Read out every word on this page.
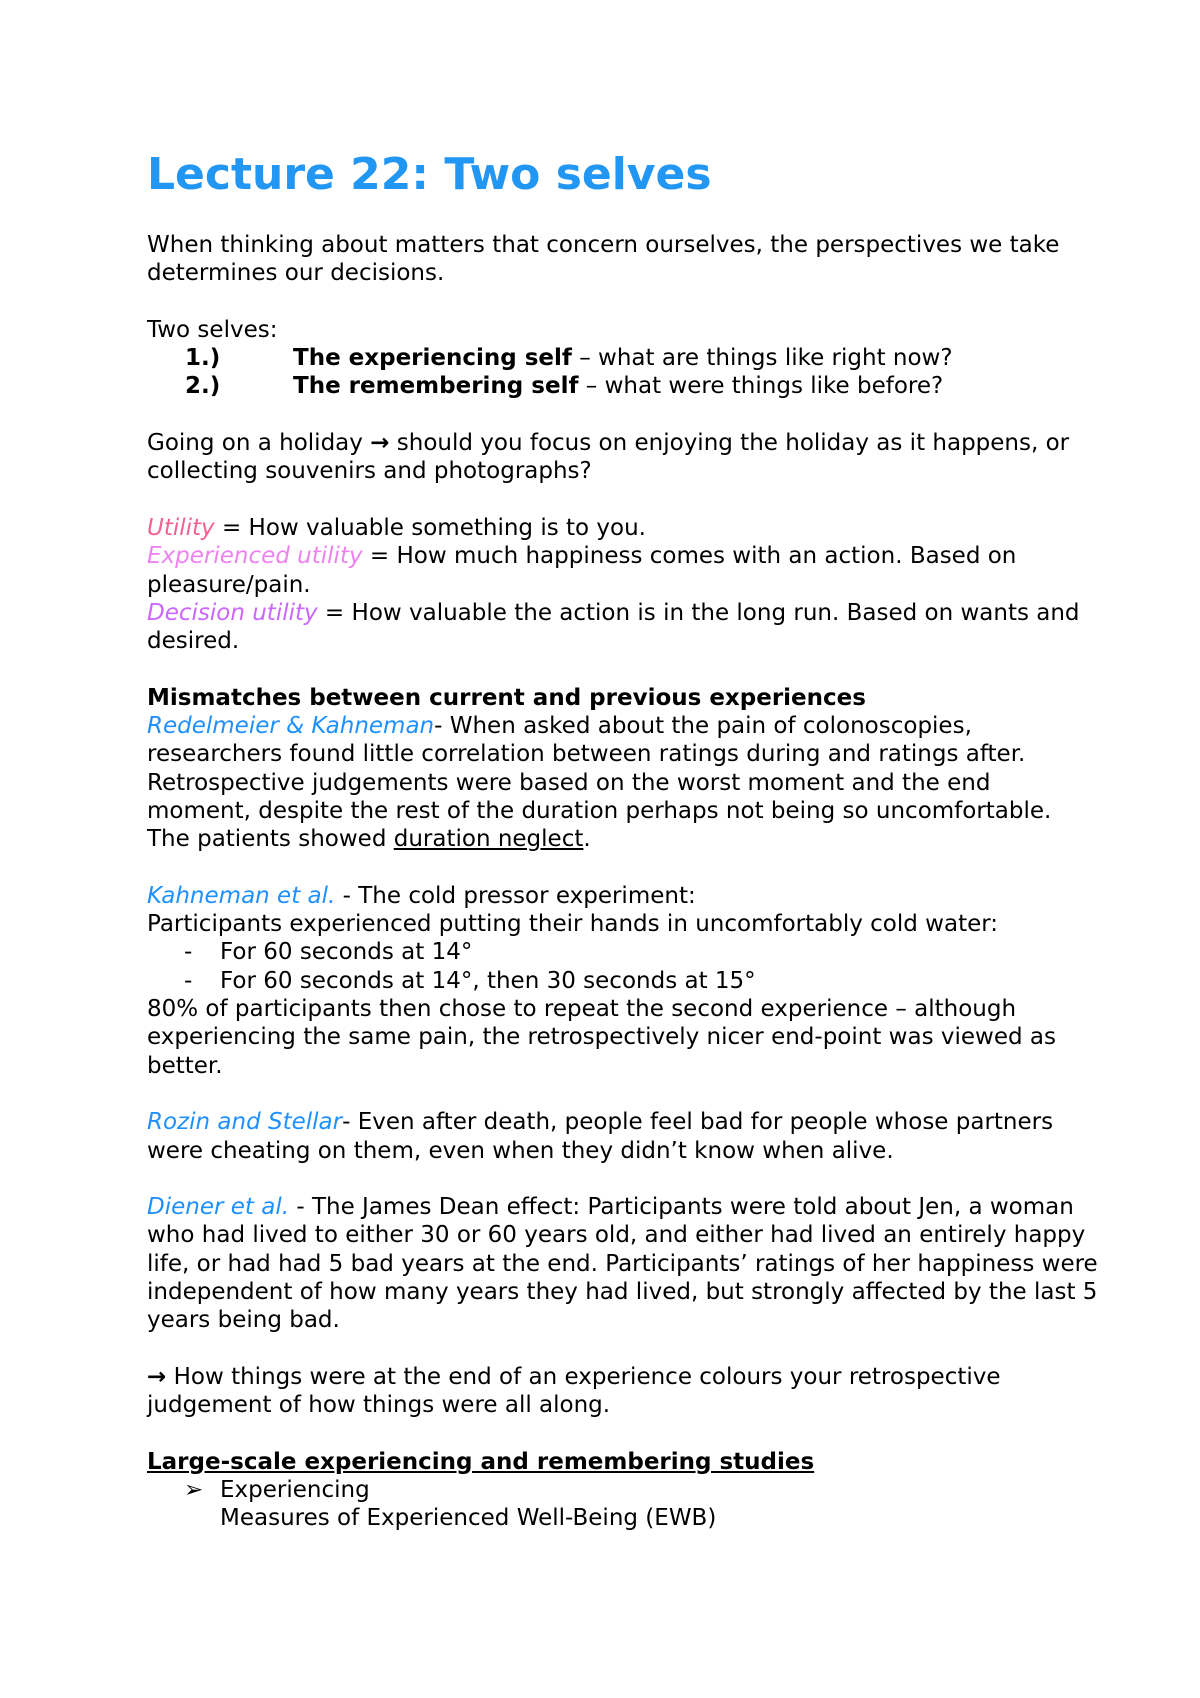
Lecture 22: Two selves

When thinking about matters that concern ourselves, the perspectives we take determines our decisions.

Two selves:

1.)	The experiencing self – what are things like right now?
2.)	The remembering self – what were things like before?

Going on a holiday → should you focus on enjoying the holiday as it happens, or collecting souvenirs and photographs?

Utility = How valuable something is to you.

Experienced utility = How much happiness comes with an action. Based on pleasure/pain.

Decision utility = How valuable the action is in the long run. Based on wants and desired.

Mismatches between current and previous experiences

Redelmeier & Kahneman- When asked about the pain of colonoscopies, researchers found little correlation between ratings during and ratings after.

Retrospective judgements were based on the worst moment and the end moment, despite the rest of the duration perhaps not being so uncomfortable. The patients showed duration neglect.

Kahneman et al. - The cold pressor experiment:

Participants experienced putting their hands in uncomfortably cold water:

-	For 60 seconds at 14°
-	For 60 seconds at 14°, then 30 seconds at 15°

80% of participants then chose to repeat the second experience – although experiencing the same pain, the retrospectively nicer end-point was viewed as better.

Rozin and Stellar- Even after death, people feel bad for people whose partners were cheating on them, even when they didn’t know when alive.

Diener et al. - The James Dean effect: Participants were told about Jen, a woman who had lived to either 30 or 60 years old, and either had lived an entirely happy life, or had had 5 bad years at the end. Participants’ ratings of her happiness were independent of how many years they had lived, but strongly affected by the last 5 years being bad.

→ How things were at the end of an experience colours your retrospective judgement of how things were all along.

Large-scale experiencing and remembering studies

➢ Experiencing

Measures of Experienced Well-Being (EWB)
